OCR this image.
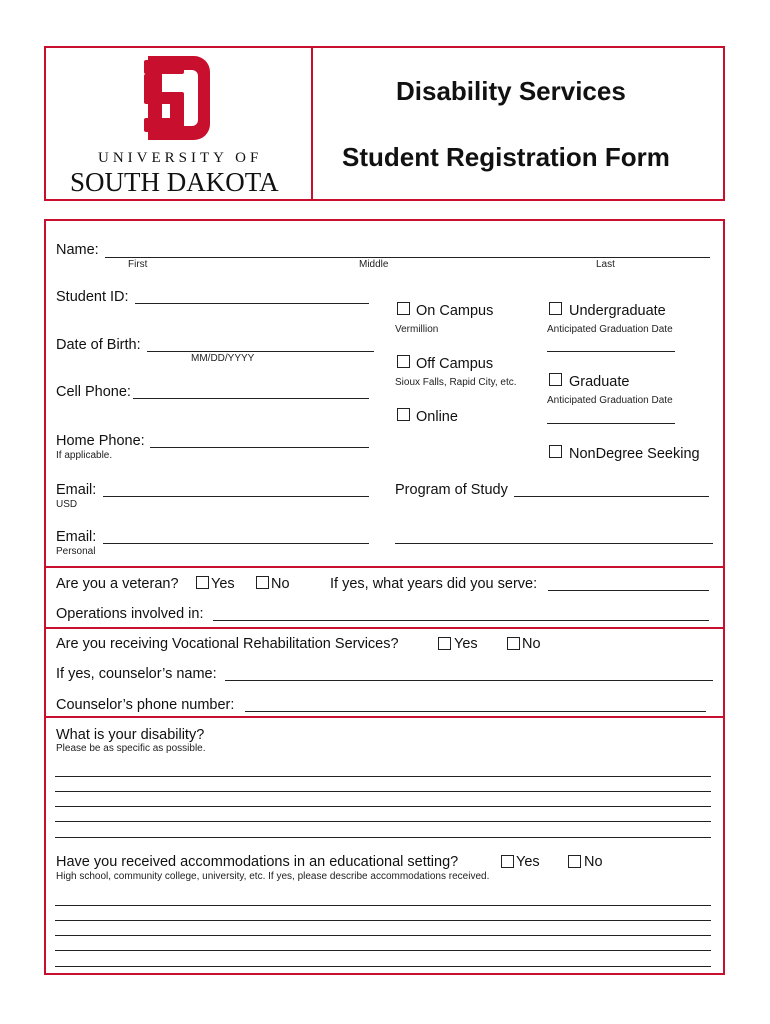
UNIVERSITY OF
SOUTH DAKOTA
Disability Services
Student Registration Form
Name:
First	Middle	Last
Student ID:
Date of Birth:
MM/DD/YYYY
Cell Phone:
Home Phone:
If applicable.
Email:
USD
Email:
Personal
On Campus
Vermillion
Off Campus
Sioux Falls, Rapid City, etc.
Online
Program of Study
Undergraduate
Anticipated Graduation Date
Graduate
Anticipated Graduation Date
NonDegree Seeking
Are you a veteran? Yes	No	If yes, what years did you serve:
Operations involved in:
Are you receiving Vocational Rehabilitation Services?	Yes	No
If yes, counselor’s name:
Counselor’s phone number:
What is your disability?
Please be as specific as possible.
Have you received accommodations in an educational setting?	Yes	No
High school, community college, university, etc. If yes, please describe accommodations received.
